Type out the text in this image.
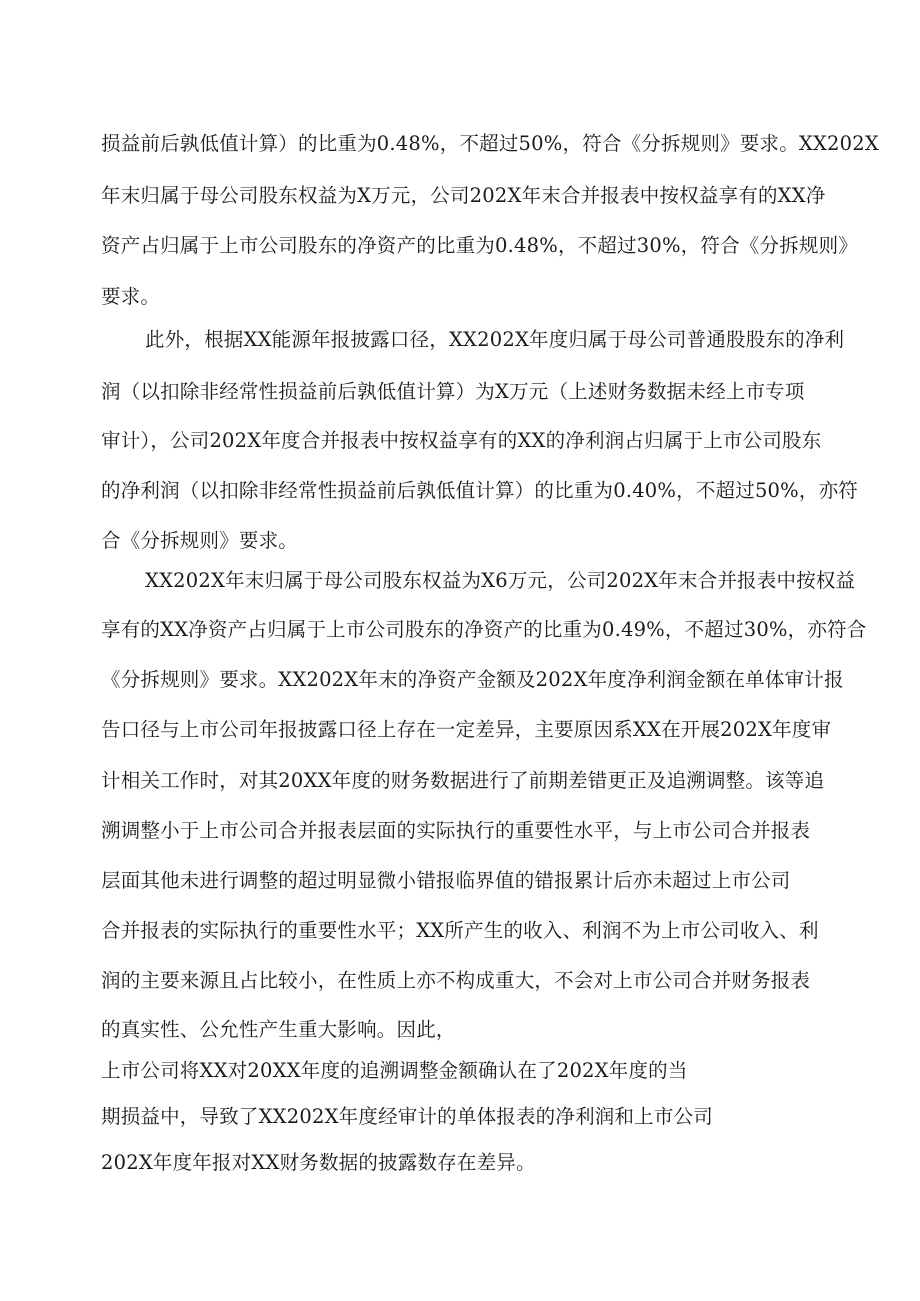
损益前后孰低值计算）的比重为0.48%，不超过50%，符合《分拆规则》要求。XX202X
年末归属于母公司股东权益为X万元，公司202X年末合并报表中按权益享有的XX净
资产占归属于上市公司股东的净资产的比重为0.48%，不超过30%，符合《分拆规则》
要求。
此外，根据XX能源年报披露口径，XX202X年度归属于母公司普通股股东的净利
润（以扣除非经常性损益前后孰低值计算）为X万元（上述财务数据未经上市专项
审计），公司202X年度合并报表中按权益享有的XX的净利润占归属于上市公司股东
的净利润（以扣除非经常性损益前后孰低值计算）的比重为0.40%，不超过50%，亦符
合《分拆规则》要求。
XX202X年末归属于母公司股东权益为X6万元，公司202X年末合并报表中按权益
享有的XX净资产占归属于上市公司股东的净资产的比重为0.49%，不超过30%，亦符合
《分拆规则》要求。XX202X年末的净资产金额及202X年度净利润金额在单体审计报
告口径与上市公司年报披露口径上存在一定差异，主要原因系XX在开展202X年度审
计相关工作时，对其20XX年度的财务数据进行了前期差错更正及追溯调整。该等追
溯调整小于上市公司合并报表层面的实际执行的重要性水平，与上市公司合并报表
层面其他未进行调整的超过明显微小错报临界值的错报累计后亦未超过上市公司
合并报表的实际执行的重要性水平；XX所产生的收入、利润不为上市公司收入、利
润的主要来源且占比较小，在性质上亦不构成重大，不会对上市公司合并财务报表
的真实性、公允性产生重大影响。因此，
上市公司将XX对20XX年度的追溯调整金额确认在了202X年度的当
期损益中，导致了XX202X年度经审计的单体报表的净利润和上市公司
202X年度年报对XX财务数据的披露数存在差异。
